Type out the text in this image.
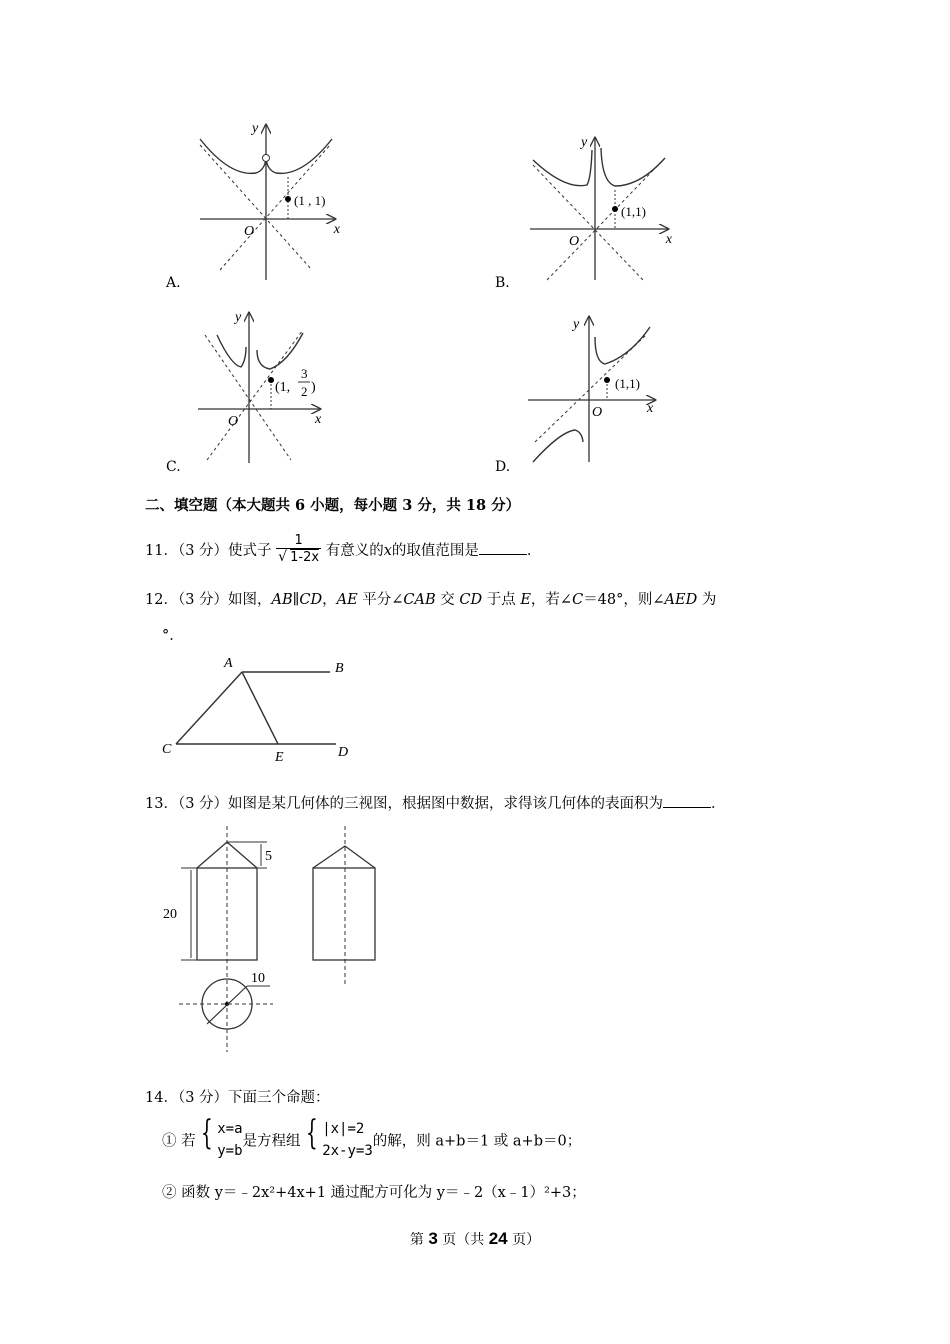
(1 , 1)
O	x
y
A.
(1,1)
O	x
y
B.
(1,
3
2 )
O	x
y
C.
(1,1)
O	x
y
D.
二、填空题（本大题共 6 小题，每小题 3 分，共 18 分）
11．（3 分）使式子 $\frac{1}{√ 1-2x}$ 有意义的x的取值范围是	．
12．（3 分）如图，AB∥CD，AE 平分∠CAB 交 CD 于点 E，若∠C＝48°，则∠AED 为
°．
A	B
C
E	D
13．（3 分）如图是某几何体的三视图，根据图中数据，求得该几何体的表面积为	．
20
5
10
14．（3 分）下面三个命题：
① 若 { x=a
y=b
是方程组 { |x|=2
2x-y=3
的解，则 a+b＝1 或 a+b＝0；
② 函数 y＝﹣2x²+4x+1 通过配方可化为 y＝﹣2（x﹣1）²+3；
第 3 页（共 24 页）
